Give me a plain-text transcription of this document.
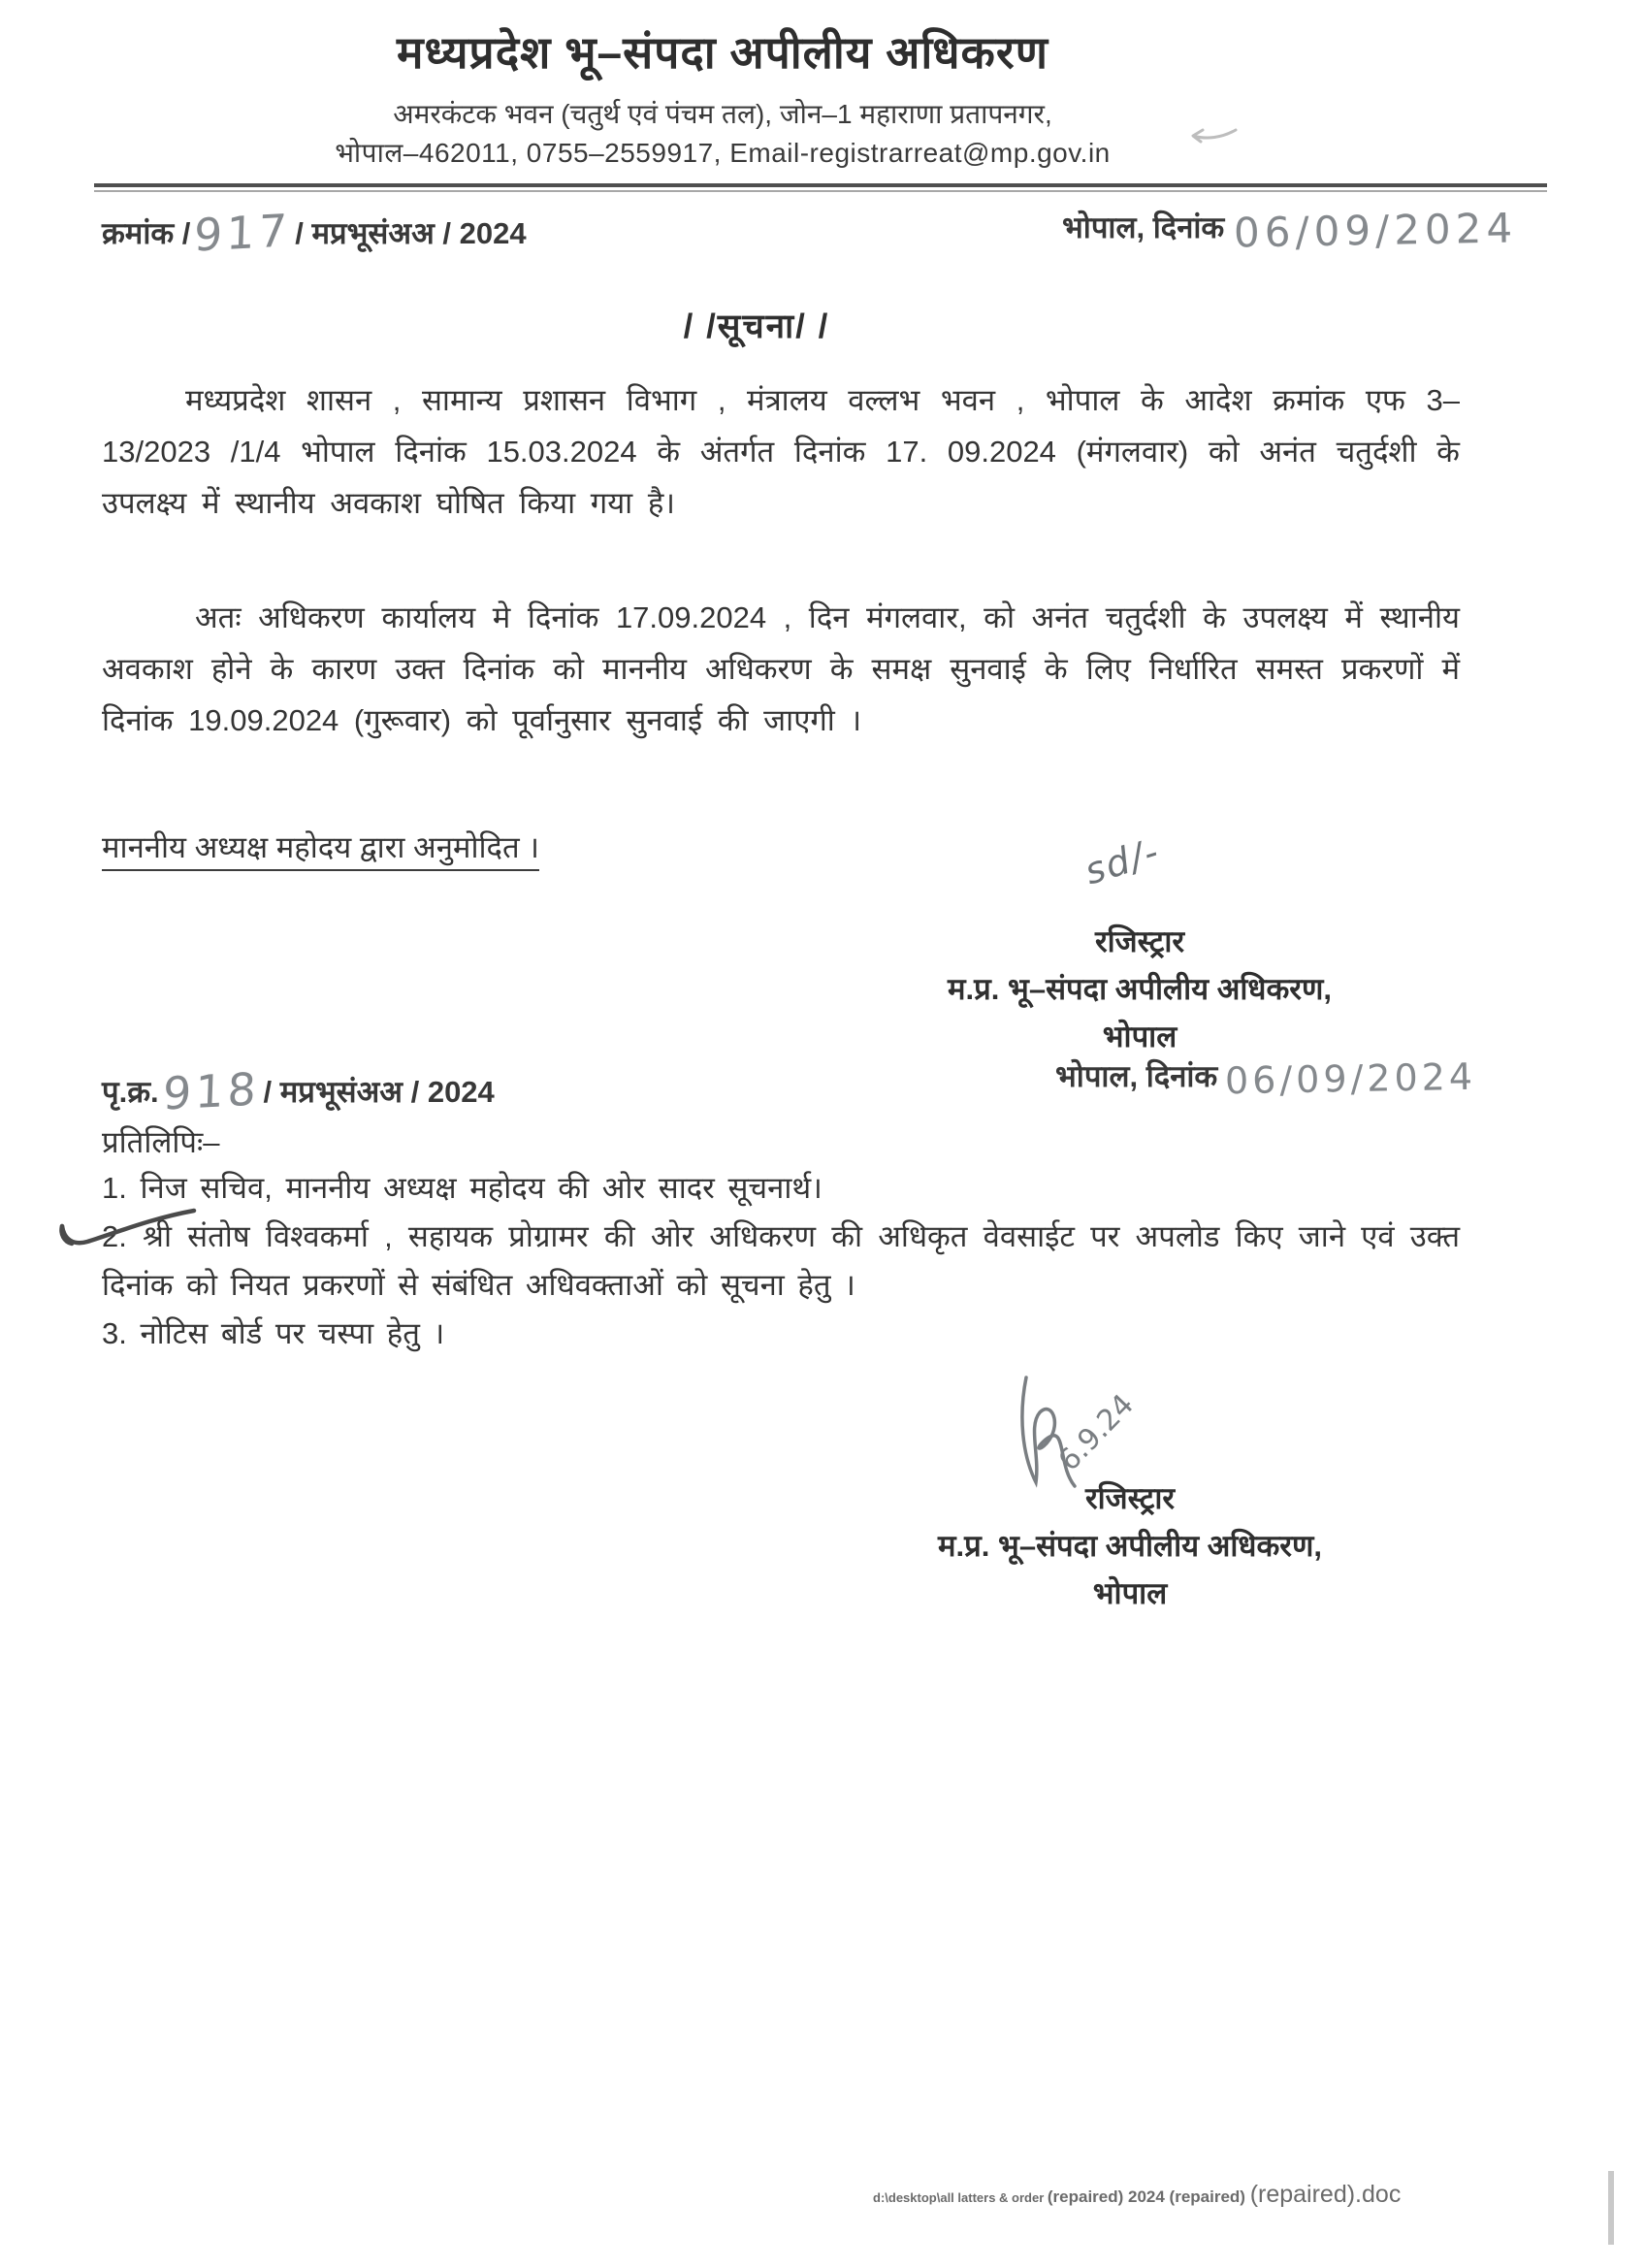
मध्यप्रदेश भू–संपदा अपीलीय अधिकरण
अमरकंटक भवन (चतुर्थ एवं पंचम तल), जोन–1 महाराणा प्रतापनगर,
भोपाल–462011, 0755–2559917, Email-registrarreat@mp.gov.in
क्रमांक /917 / मप्रभूसंअअ / 2024	भोपाल, दिनांक 06/09/2024
/ /सूचना/ /
मध्यप्रदेश शासन , सामान्य प्रशासन विभाग , मंत्रालय वल्लभ भवन , भोपाल के आदेश क्रमांक एफ 3–13/2023 /1/4 भोपाल दिनांक 15.03.2024 के अंतर्गत दिनांक 17. 09.2024 (मंगलवार) को अनंत चतुर्दशी के उपलक्ष्य में स्थानीय अवकाश घोषित किया गया है।
अतः अधिकरण कार्यालय मे दिनांक 17.09.2024 , दिन मंगलवार, को अनंत चतुर्दशी के उपलक्ष्य में स्थानीय अवकाश होने के कारण उक्त दिनांक को माननीय अधिकरण के समक्ष सुनवाई के लिए निर्धारित समस्त प्रकरणों में दिनांक 19.09.2024 (गुरूवार) को पूर्वानुसार सुनवाई की जाएगी ।
माननीय अध्यक्ष महोदय द्वारा अनुमोदित ।	sd/-
रजिस्ट्रार
म.प्र. भू–संपदा अपीलीय अधिकरण,
भोपाल
भोपाल, दिनांक 06/09/2024
पृ.क्र.918 / मप्रभूसंअअ / 2024
प्रतिलिपिः–
1. निज सचिव, माननीय अध्यक्ष महोदय की ओर सादर सूचनार्थ।
2. श्री संतोष विश्वकर्मा , सहायक प्रोग्रामर की ओर अधिकरण की अधिकृत वेवसाईट पर अपलोड किए जाने एवं उक्त दिनांक को नियत प्रकरणों से संबंधित अधिवक्ताओं को सूचना हेतु ।
3. नोटिस बोर्ड पर चस्पा हेतु ।
6.9.24
रजिस्ट्रार
म.प्र. भू–संपदा अपीलीय अधिकरण,
भोपाल
d:\desktop\all latters & order (repaired) 2024 (repaired) (repaired).doc
